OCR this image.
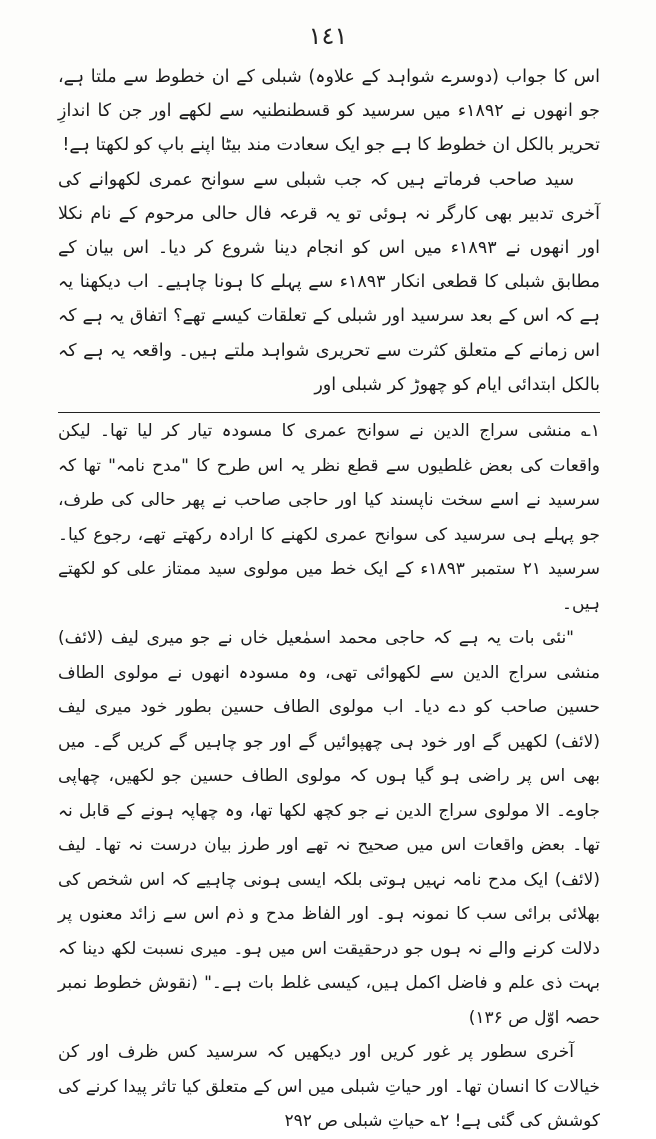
١٤١

اس کا جواب (دوسرے شواہد کے علاوہ) شبلی کے ان خطوط سے ملتا ہے، جو انھوں نے ۱۸۹۲ء میں سرسید کو قسطنطنیہ سے لکھے اور جن کا اندازِ تحریر بالکل ان خطوط کا ہے جو ایک سعادت مند بیٹا اپنے باپ کو لکھتا ہے!

سید صاحب فرماتے ہیں کہ جب شبلی سے سوانح عمری لکھوانے کی آخری تدبیر بھی کارگر نہ ہوئی تو یہ قرعہ فال حالی مرحوم کے نام نکلا اور انھوں نے ۱۸۹۳ء میں اس کو انجام دینا شروع کر دیا۔ اس بیان کے مطابق شبلی کا قطعی انکار ۱۸۹۳ء سے پہلے کا ہونا چاہیے۔ اب دیکھنا یہ ہے کہ اس کے بعد سرسید اور شبلی کے تعلقات کیسے تھے؟ اتفاق یہ ہے کہ اس زمانے کے متعلق کثرت سے تحریری شواہد ملتے ہیں۔ واقعہ یہ ہے کہ بالکل ابتدائی ایام کو چھوڑ کر شبلی اور

۱؎ منشی سراج الدین نے سوانح عمری کا مسودہ تیار کر لیا تھا۔ لیکن واقعات کی بعض غلطیوں سے قطع نظر یہ اس طرح کا "مدح نامہ" تھا کہ سرسید نے اسے سخت ناپسند کیا اور حاجی صاحب نے پھر حالی کی طرف، جو پہلے ہی سرسید کی سوانح عمری لکھنے کا ارادہ رکھتے تھے، رجوع کیا۔ سرسید ۲۱ ستمبر ۱۸۹۳ء کے ایک خط میں مولوی سید ممتاز علی کو لکھتے ہیں۔

"نئی بات یہ ہے کہ حاجی محمد اسمٰعیل خاں نے جو میری لیف (لائف) منشی سراج الدین سے لکھوائی تھی، وہ مسودہ انھوں نے مولوی الطاف حسین صاحب کو دے دیا۔ اب مولوی الطاف حسین بطور خود میری لیف (لائف) لکھیں گے اور خود ہی چھپوائیں گے اور جو چاہیں گے کریں گے۔ میں بھی اس پر راضی ہو گیا ہوں کہ مولوی الطاف حسین جو لکھیں، چھاپی جاوے۔ الا مولوی سراج الدین نے جو کچھ لکھا تھا، وہ چھاپہ ہونے کے قابل نہ تھا۔ بعض واقعات اس میں صحیح نہ تھے اور طرز بیان درست نہ تھا۔ لیف (لائف) ایک مدح نامہ نہیں ہوتی بلکہ ایسی ہونی چاہیے کہ اس شخص کی بھلائی برائی سب کا نمونہ ہو۔ اور الفاظ مدح و ذم اس سے زائد معنوں پر دلالت کرنے والے نہ ہوں جو درحقیقت اس میں ہو۔ میری نسبت لکھ دینا کہ بہت ذی علم و فاضل اکمل ہیں، کیسی غلط بات ہے۔" (نقوش خطوط نمبر حصہ اوّل ص ۱۳۶)

آخری سطور پر غور کریں اور دیکھیں کہ سرسید کس ظرف اور کن خیالات کا انسان تھا۔ اور حیاتِ شبلی میں اس کے متعلق کیا تاثر پیدا کرنے کی کوشش کی گئی ہے! ۲؎ حیاتِ شبلی ص ۲۹۲
